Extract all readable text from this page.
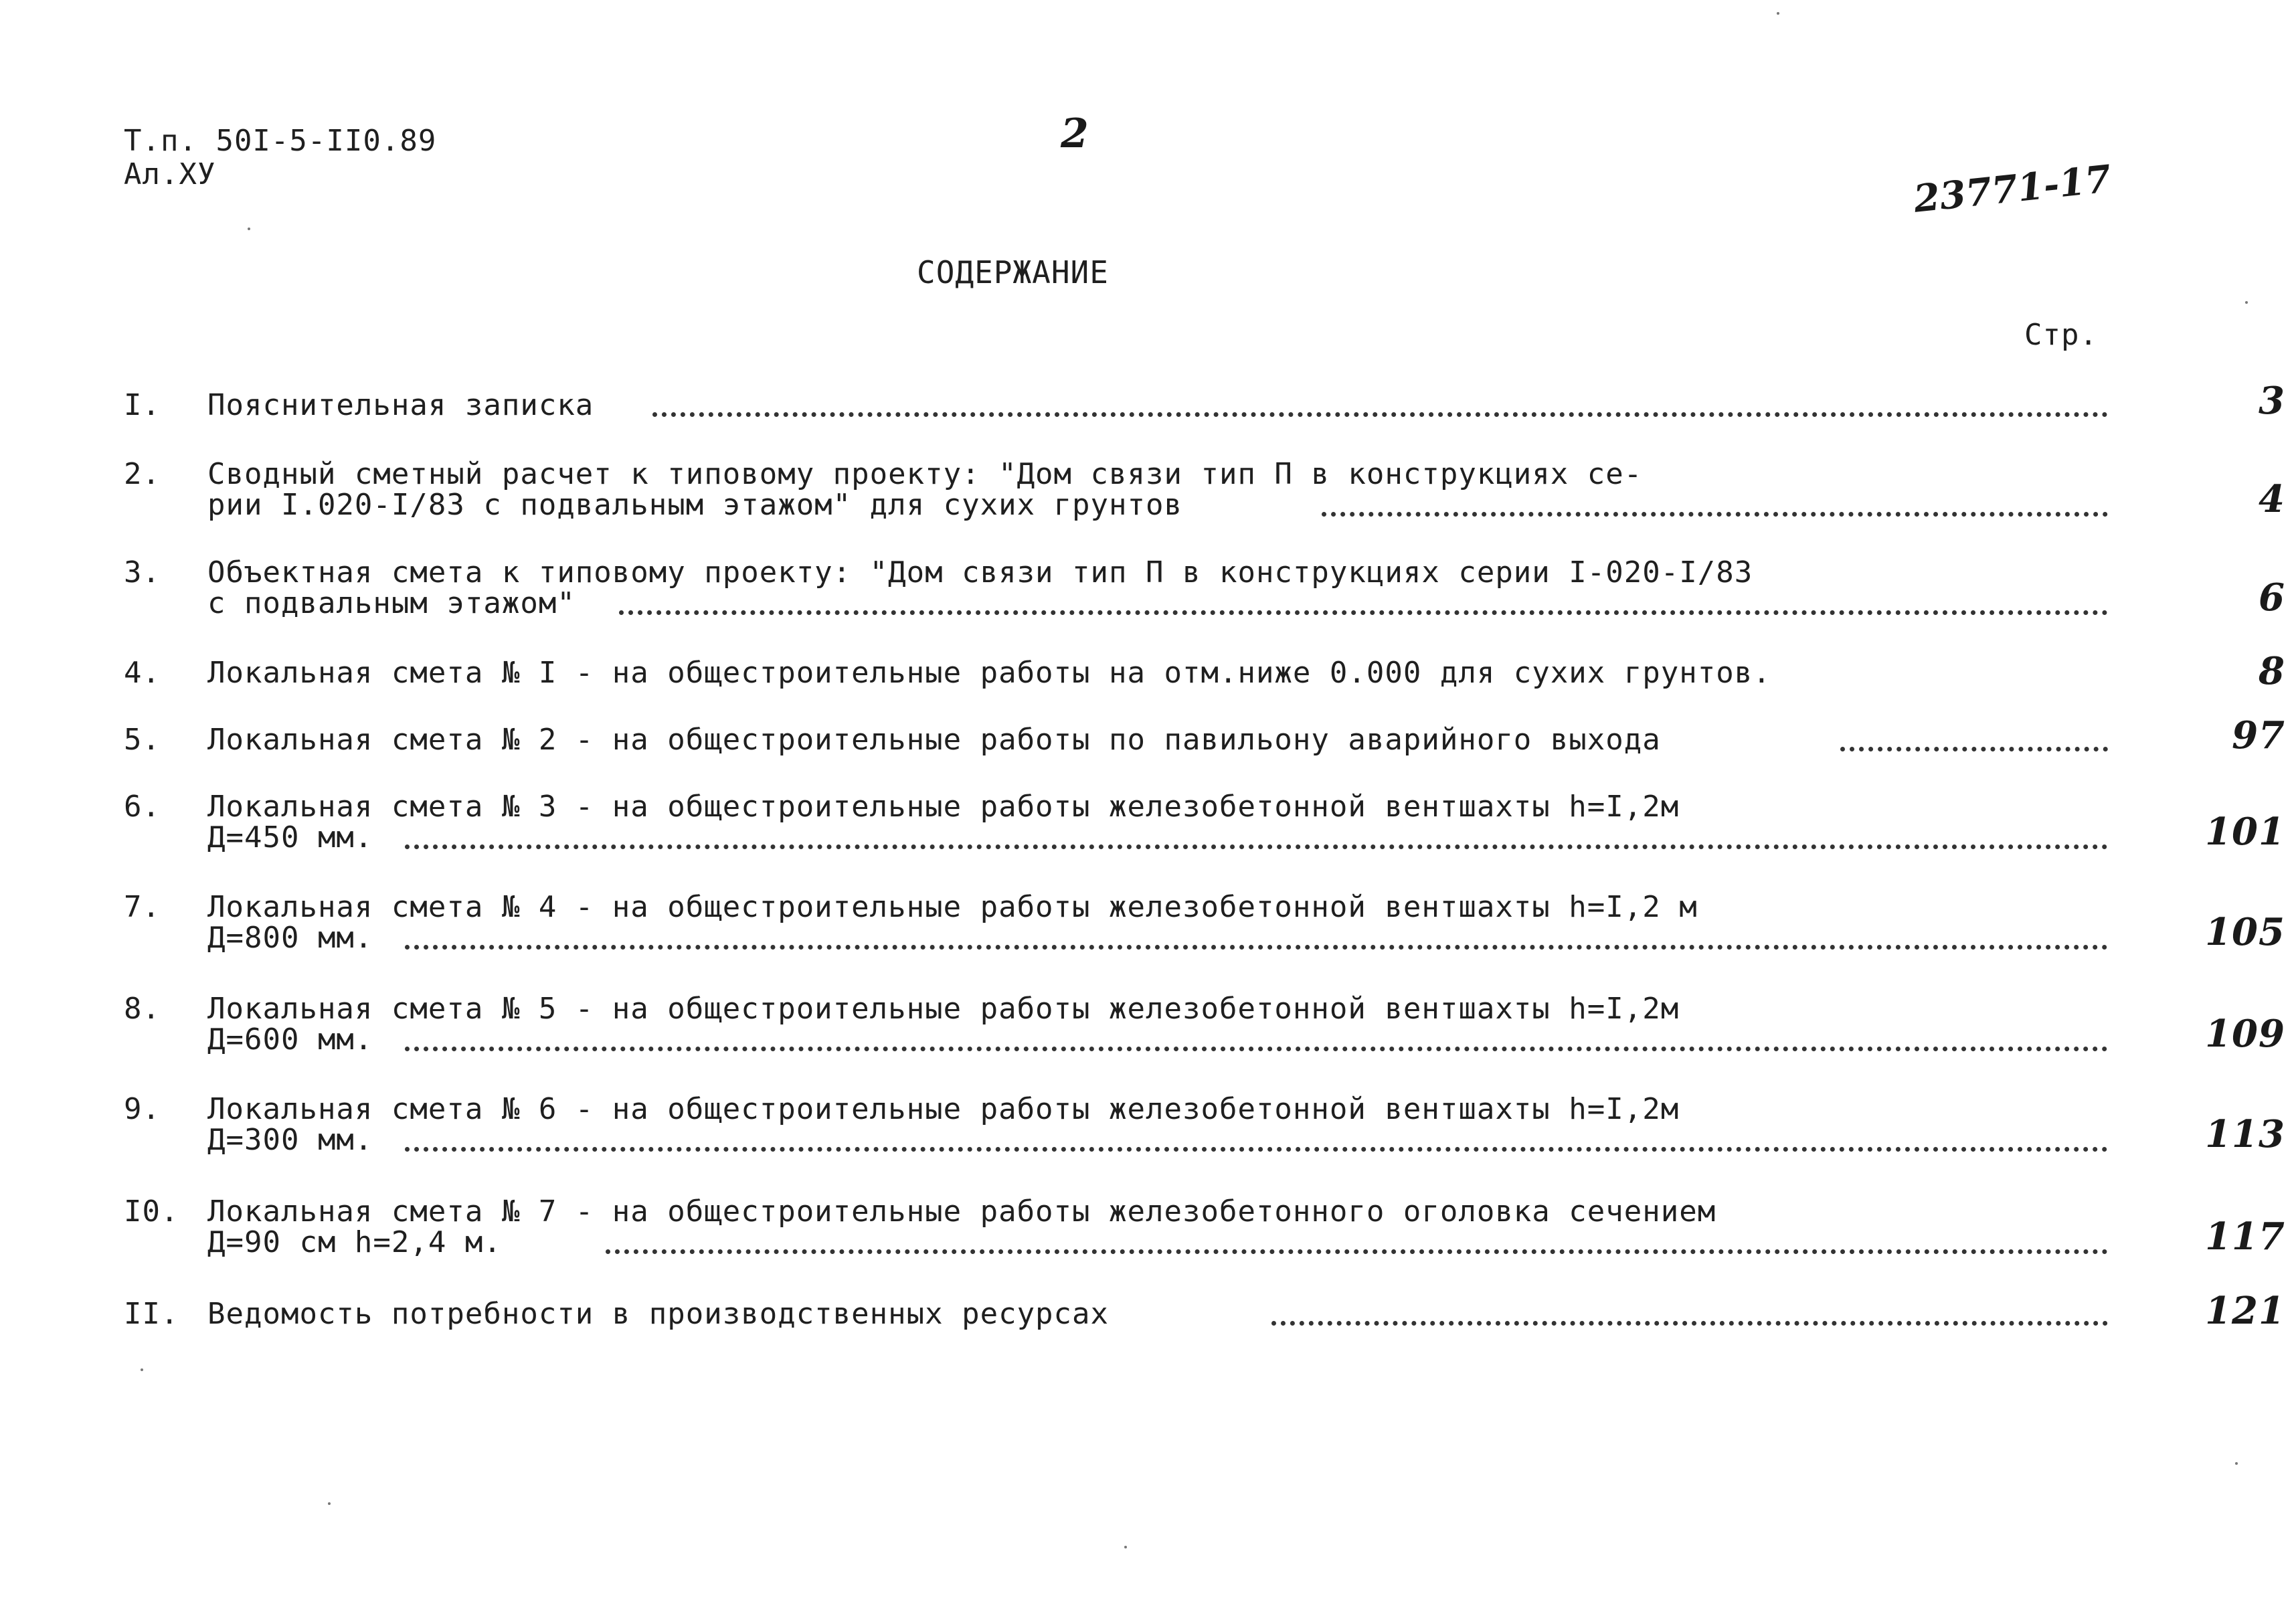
Т.п. 50I-5-II0.89
Ал.ХУ
2
23771-17
СОДЕРЖАНИЕ
Стр.
I.	Пояснительная записка	3
2.	Сводный сметный расчет к типовому проекту: "Дом связи тип П в конструкциях се-
рии I.020-I/83 с подвальным этажом" для сухих грунтов	4
3.	Объектная смета к типовому проекту: "Дом связи тип П в конструкциях серии I-020-I/83
с подвальным этажом"	6
4.	Локальная смета № I - на общестроительные работы на отм.ниже 0.000 для сухих грунтов.	8
5.	Локальная смета № 2 - на общестроительные работы по павильону аварийного выхода	97
6.	Локальная смета № 3 - на общестроительные работы железобетонной вентшахты h=I,2м
Д=450 мм.	101
7.	Локальная смета № 4 - на общестроительные работы железобетонной вентшахты h=I,2 м
Д=800 мм.	105
8.	Локальная смета № 5 - на общестроительные работы железобетонной вентшахты h=I,2м
Д=600 мм.	109
9.	Локальная смета № 6 - на общестроительные работы железобетонной вентшахты h=I,2м
Д=300 мм.	113
I0. Локальная смета № 7 - на общестроительные работы железобетонного оголовка сечением
Д=90 см h=2,4 м.	117
II. Ведомость потребности в производственных ресурсах	121
